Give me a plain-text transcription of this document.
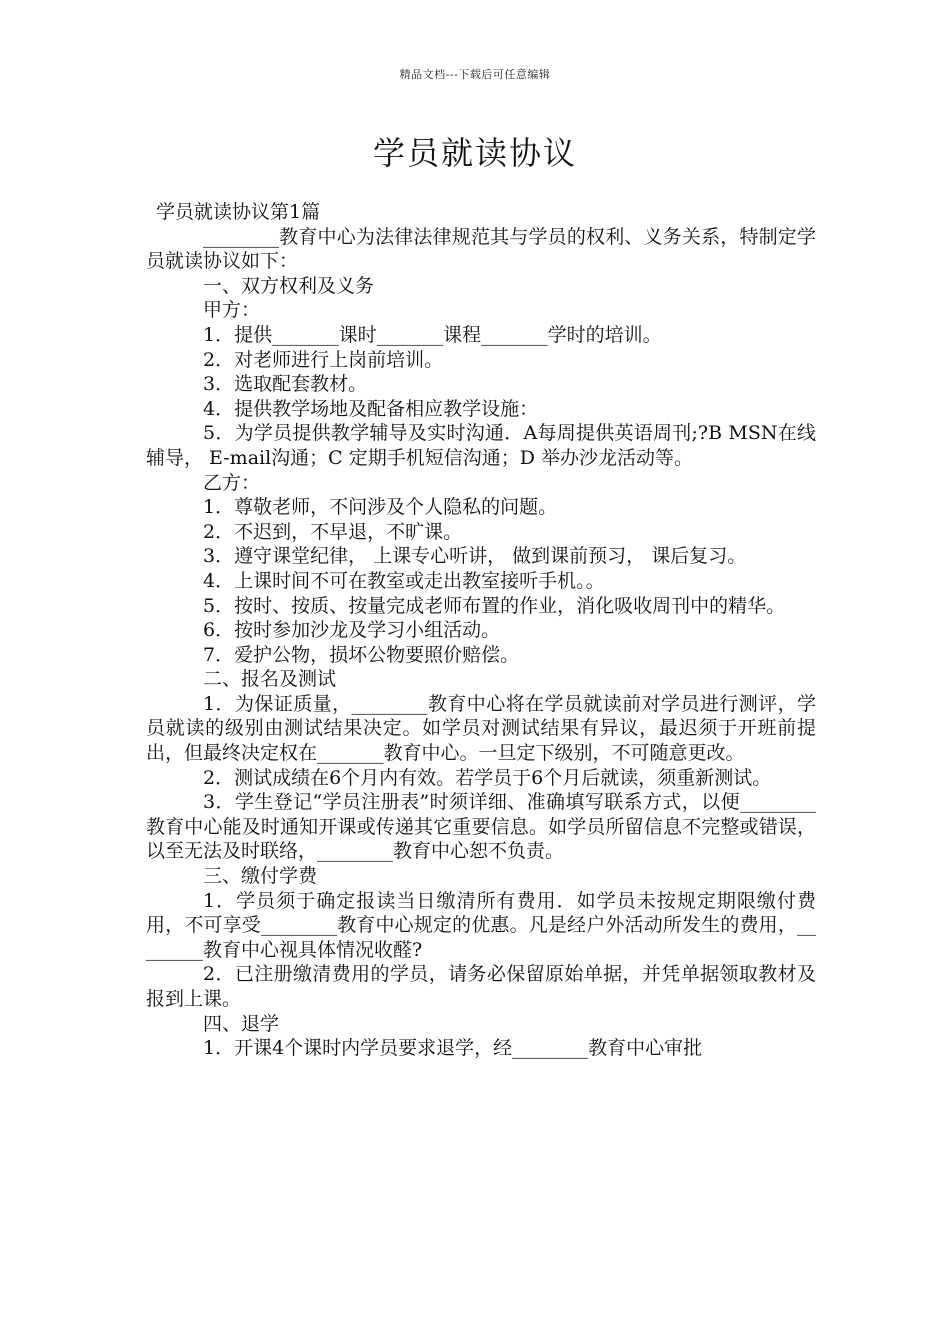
精品文档---下载后可任意编辑
学员就读协议

学员就读协议第1篇

________教育中心为法律法律规范其与学员的权利、义务关系，特制定学员就读协议如下：

一、双方权利及义务

甲方：

1．提供_______课时_______课程_______学时的培训。

2．对老师进行上岗前培训。

3．选取配套教材。

4．提供教学场地及配备相应教学设施：

5．为学员提供教学辅导及实时沟通．A每周提供英语周刊;?B MSN在线辅导， E-mail沟通；C 定期手机短信沟通；D 举办沙龙活动等。

乙方：

1．尊敬老师，不问涉及个人隐私的问题。

2．不迟到，不早退，不旷课。

3．遵守课堂纪律， 上课专心听讲， 做到课前预习， 课后复习。

4．上课时间不可在教室或走出教室接听手机。。

5．按时、按质、按量完成老师布置的作业，消化吸收周刊中的精华。

6．按时参加沙龙及学习小组活动。

7．爱护公物，损坏公物要照价赔偿。

二、报名及测试

1．为保证质量，________教育中心将在学员就读前对学员进行测评，学员就读的级别由测试结果决定。如学员对测试结果有异议，最迟须于开班前提出，但最终决定权在_______教育中心。一旦定下级别，不可随意更改。

2．测试成绩在6个月内有效。若学员于6个月后就读，须重新测试。

3．学生登记“学员注册表”时须详细、准确填写联系方式，以便________教育中心能及时通知开课或传递其它重要信息。如学员所留信息不完整或错误，以至无法及时联络，________教育中心恕不负责。

三、缴付学费

1．学员须于确定报读当日缴清所有费用．如学员未按规定期限缴付费用，不可享受________教育中心规定的优惠。凡是经户外活动所发生的费用，________教育中心视具体情况收醛?

2．已注册缴清费用的学员，请务必保留原始单据，并凭单据领取教材及报到上课。

四、退学

1．开课4个课时内学员要求退学，经________教育中心审批
